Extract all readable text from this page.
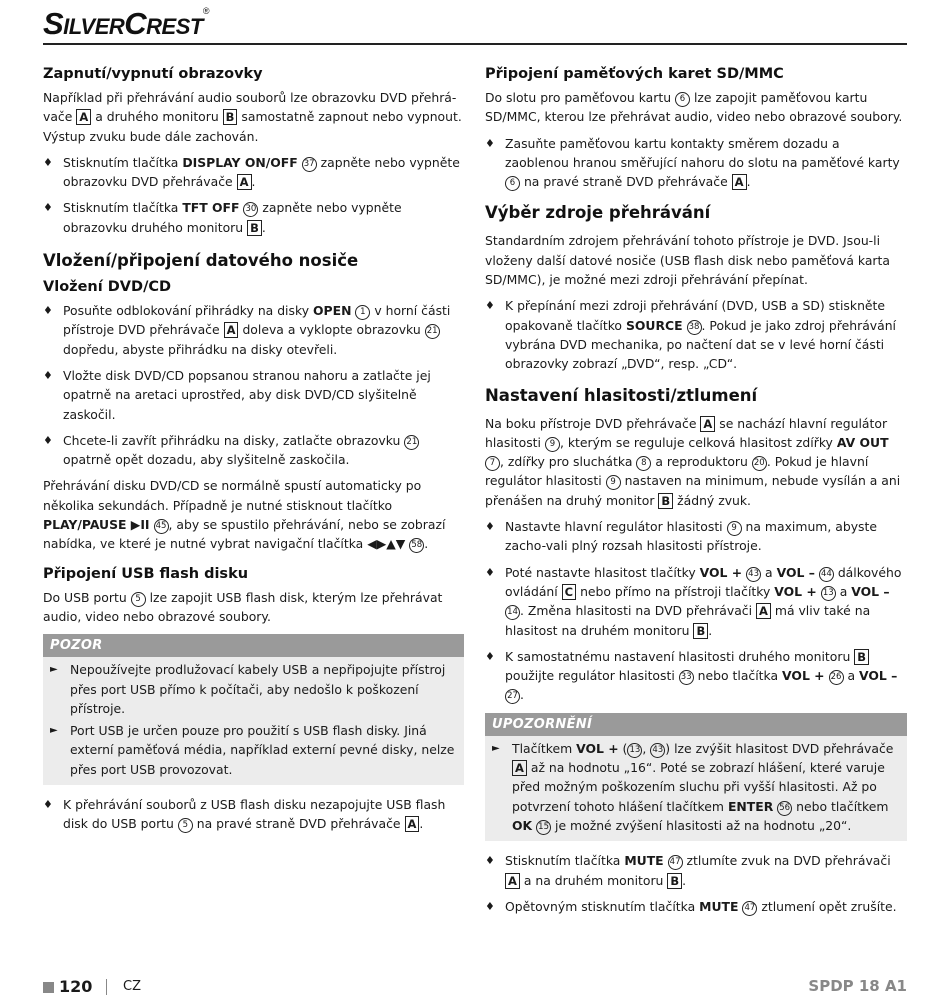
SilverCrest®
Zapnutí/vypnutí obrazovky

Například při přehrávání audio souborů lze obrazovku DVD přehrá-vače A a druhého monitoru B samostatně zapnout nebo vypnout. Výstup zvuku bude dále zachován.

♦ Stisknutím tlačítka DISPLAY ON/OFF 37 zapněte nebo vypněte obrazovku DVD přehrávače A .
♦ Stisknutím tlačítka TFT OFF 30 zapněte nebo vypněte obrazovku druhého monitoru B .
Vložení/připojení datového nosiče
Vložení DVD/CD
♦ Posuňte odblokování přihrádky na disky OPEN 1 v horní části přístroje DVD přehrávače A doleva a vyklopte obrazovku 21 dopředu, abyste přihrádku na disky otevřeli.
♦ Vložte disk DVD/CD popsanou stranou nahoru a zatlačte jej opatrně na aretaci uprostřed, aby disk DVD/CD slyšitelně zaskočil.
♦ Chcete-li zavřít přihrádku na disky, zatlačte obrazovku 21 opatrně opět dozadu, aby slyšitelně zaskočila.

Přehrávání disku DVD/CD se normálně spustí automaticky po několika sekundách. Případně je nutné stisknout tlačítko PLAY/PAUSE ▶II 45 , aby se spustilo přehrávání, nebo se zobrazí nabídka, ve které je nutné vybrat navigační tlačítka ◀▶▲▼ 58 .

Připojení USB flash disku

Do USB portu 5 lze zapojit USB flash disk, kterým lze přehrávat audio, video nebo obrazové soubory.

POZOR
► Nepoužívejte prodlužovací kabely USB a nepřipojujte přístroj přes port USB přímo k počítači, aby nedošlo k poškození přístroje.
► Port USB je určen pouze pro použití s USB flash disky. Jiná externí paměťová média, například externí pevné disky, nelze přes port USB provozovat.
♦ K přehrávání souborů z USB flash disku nezapojujte USB flash disk do USB portu 5 na pravé straně DVD přehrávače A .
Připojení paměťových karet SD/MMC

Do slotu pro paměťovou kartu 6 lze zapojit paměťovou kartu SD/MMC, kterou lze přehrávat audio, video nebo obrazové soubory.

♦ Zasuňte paměťovou kartu kontakty směrem dozadu a zaoblenou hranou směřující nahoru do slotu na paměťové karty 6 na pravé straně DVD přehrávače A .
Výběr zdroje přehrávání

Standardním zdrojem přehrávání tohoto přístroje je DVD. Jsou-li vloženy další datové nosiče (USB flash disk nebo paměťová karta SD/MMC), je možné mezi zdroji přehrávání přepínat.

♦ K přepínání mezi zdroji přehrávání (DVD, USB a SD) stiskněte opakovaně tlačítko SOURCE 38 . Pokud je jako zdroj přehrávání vybrána DVD mechanika, po načtení dat se v levé horní části obrazovky zobrazí „DVD“, resp. „CD“.
Nastavení hlasitosti/ztlumení

Na boku přístroje DVD přehrávače A se nachází hlavní regulátor hlasitosti 9 , kterým se reguluje celková hlasitost zdířky AV OUT 7 , zdířky pro sluchátka 8 a reproduktoru 20 . Pokud je hlavní regulátor hlasitosti 9 nastaven na minimum, nebude vysílán a ani přenášen na druhý monitor B žádný zvuk.

♦ Nastavte hlavní regulátor hlasitosti 9 na maximum, abyste zacho-vali plný rozsah hlasitosti přístroje.
♦ Poté nastavte hlasitost tlačítky VOL + 43 a VOL – 44 dálkového ovládání C nebo přímo na přístroji tlačítky VOL + 13 a VOL – 14 . Změna hlasitosti na DVD přehrávači A má vliv také na hlasitost na druhém monitoru B .
♦ K samostatnému nastavení hlasitosti druhého monitoru B použijte regulátor hlasitosti 33 nebo tlačítka VOL + 26 a VOL – 27 .
UPOZORNĚNÍ
► Tlačítkem VOL + ( 13 , 43 ) lze zvýšit hlasitost DVD přehrávače A až na hodnotu „16“. Poté se zobrazí hlášení, které varuje před možným poškozením sluchu při vyšší hlasitosti. Až po potvrzení tohoto hlášení tlačítkem ENTER 56 nebo tlačítkem OK 15 je možné zvýšení hlasitosti až na hodnotu „20“.
♦ Stisknutím tlačítka MUTE 47 ztlumíte zvuk na DVD přehrávači A a na druhém monitoru B .
♦ Opětovným stisknutím tlačítka MUTE 47 ztlumení opět zrušíte.
120 CZ	SPDP 18 A1
